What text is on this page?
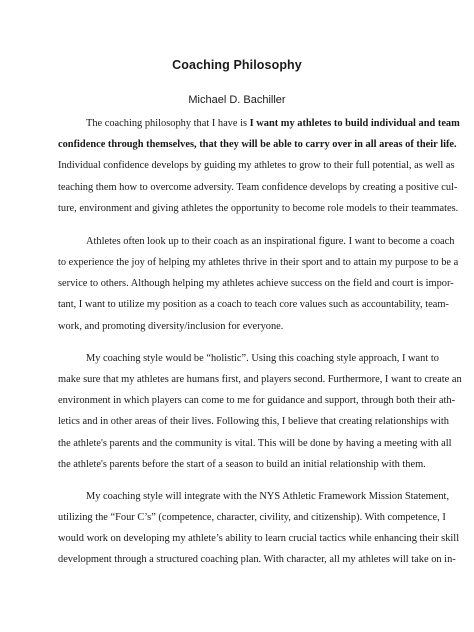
Coaching Philosophy
Michael D. Bachiller
The coaching philosophy that I have is I want my athletes to build individual and team
confidence through themselves, that they will be able to carry over in all areas of their life.
Individual confidence develops by guiding my athletes to grow to their full potential, as well as
teaching them how to overcome adversity. Team confidence develops by creating a positive cul-
ture, environment and giving athletes the opportunity to become role models to their teammates.
Athletes often look up to their coach as an inspirational figure. I want to become a coach
to experience the joy of helping my athletes thrive in their sport and to attain my purpose to be a
service to others. Although helping my athletes achieve success on the field and court is impor-
tant, I want to utilize my position as a coach to teach core values such as accountability, team-
work, and promoting diversity/inclusion for everyone.
My coaching style would be “holistic”. Using this coaching style approach, I want to
make sure that my athletes are humans first, and players second. Furthermore, I want to create an
environment in which players can come to me for guidance and support, through both their ath-
letics and in other areas of their lives. Following this, I believe that creating relationships with
the athlete's parents and the community is vital. This will be done by having a meeting with all
the athlete's parents before the start of a season to build an initial relationship with them.
My coaching style will integrate with the NYS Athletic Framework Mission Statement,
utilizing the “Four C’s” (competence, character, civility, and citizenship). With competence, I
would work on developing my athlete’s ability to learn crucial tactics while enhancing their skill
development through a structured coaching plan. With character, all my athletes will take on in-
